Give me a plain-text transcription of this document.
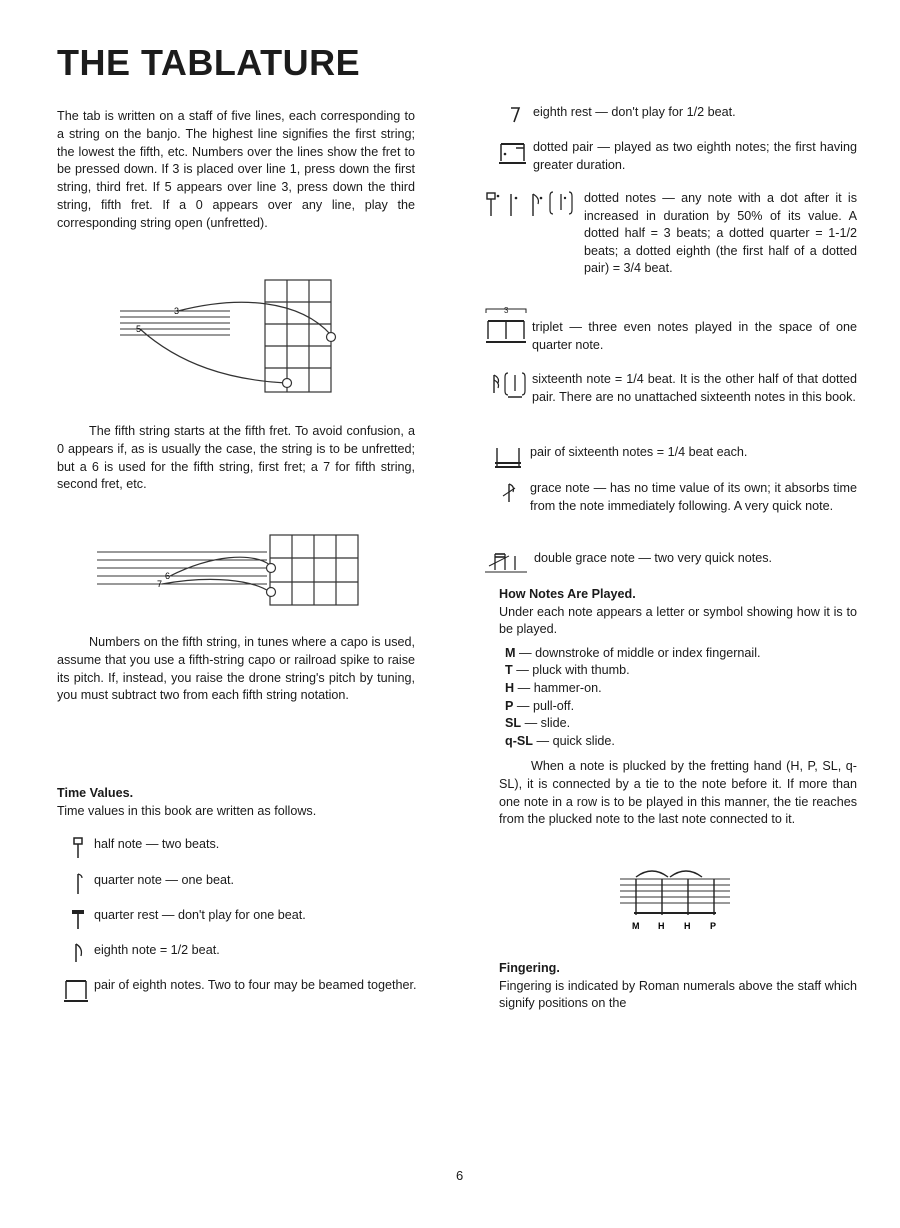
THE TABLATURE

The tab is written on a staff of five lines, each corresponding to a string on the banjo. The highest line signifies the first string; the lowest the fifth, etc. Numbers over the lines show the fret to be pressed down. If 3 is placed over line 1, press down the first string, third fret. If 5 appears over line 3, press down the third string, fifth fret. If a 0 appears over any line, play the corresponding string open (unfretted).

3
5

The fifth string starts at the fifth fret. To avoid confusion, a 0 appears if, as is usually the case, the string is to be unfretted; but a 6 is used for the fifth string, first fret; a 7 for fifth string, second fret, etc.

6
7

Numbers on the fifth string, in tunes where a capo is used, assume that you use a fifth-string capo or railroad spike to raise its pitch. If, instead, you raise the drone string's pitch by tuning, you must subtract two from each fifth string notation.

Time Values.
Time values in this book are written as follows.
half note — two beats.
quarter note — one beat.
quarter rest — don't play for one beat.
eighth note = 1/2 beat.
pair of eighth notes. Two to four may be beamed together.
eighth rest — don't play for 1/2 beat.
dotted pair — played as two eighth notes; the first having greater duration.
dotted notes — any note with a dot after it is increased in duration by 50% of its value. A dotted half = 3 beats; a dotted quarter = 1-1/2 beats; a dotted eighth (the first half of a dotted pair) = 3/4 beat.
3
triplet — three even notes played in the space of one quarter note.
sixteenth note = 1/4 beat. It is the other half of that dotted pair. There are no unattached sixteenth notes in this book.
pair of sixteenth notes = 1/4 beat each.
grace note — has no time value of its own; it absorbs time from the note immediately following. A very quick note.
double grace note — two very quick notes.
How Notes Are Played.

Under each note appears a letter or symbol showing how it is to be played.

M — downstroke of middle or index fingernail.
T — pluck with thumb.
H — hammer-on.
P — pull-off.
SL — slide.
q-SL — quick slide.

When a note is plucked by the fretting hand (H, P, SL, q-SL), it is connected by a tie to the note before it. If more than one note in a row is to be played in this manner, the tie reaches from the plucked note to the last note connected to it.

M H H P
Fingering.

Fingering is indicated by Roman numerals above the staff which signify positions on the

6
